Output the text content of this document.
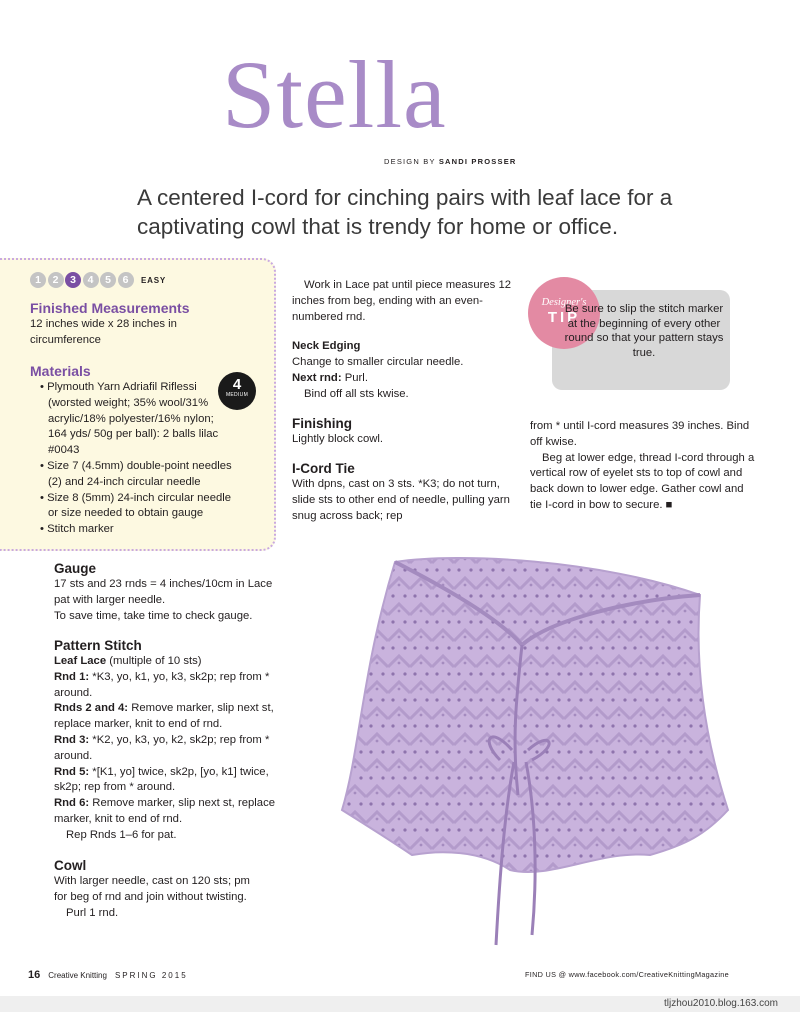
Stella
DESIGN BY SANDI PROSSER
A centered I-cord for cinching pairs with leaf lace for a captivating cowl that is trendy for home or office.
1	2	3	4	5	6	EASY
Finished Measurements
12 inches wide x 28 inches in circumference
Materials
• Plymouth Yarn Adriafil Riflessi (worsted weight; 35% wool/31% acrylic/18% polyester/16% nylon; 164 yds/ 50g per ball): 2 balls lilac #0043
• Size 7 (4.5mm) double-point needles (2) and 24-inch circular needle
• Size 8 (5mm) 24-inch circular needle or size needed to obtain gauge
• Stitch marker
4
MEDIUM
Gauge
17 sts and 23 rnds = 4 inches/10cm in Lace pat with larger needle.
To save time, take time to check gauge.
Pattern Stitch
Leaf Lace (multiple of 10 sts)
Rnd 1: *K3, yo, k1, yo, k3, sk2p; rep from * around.
Rnds 2 and 4: Remove marker, slip next st, replace marker, knit to end of rnd.
Rnd 3: *K2, yo, k3, yo, k2, sk2p; rep from * around.
Rnd 5: *[K1, yo] twice, sk2p, [yo, k1] twice, sk2p; rep from * around.
Rnd 6: Remove marker, slip next st, replace marker, knit to end of rnd.
Rep Rnds 1–6 for pat.
Cowl
With larger needle, cast on 120 sts; pm for beg of rnd and join without twisting.
Purl 1 rnd.
Work in Lace pat until piece measures 12 inches from beg, ending with an even-numbered rnd.
Neck Edging
Change to smaller circular needle.
Next rnd: Purl.
Bind off all sts kwise.
Finishing
Lightly block cowl.
I-Cord Tie
With dpns, cast on 3 sts. *K3; do not turn, slide sts to other end of needle, pulling yarn snug across back; rep
from * until I-cord measures 39 inches. Bind off kwise.
Beg at lower edge, thread I-cord through a vertical row of eyelet sts to top of cowl and back down to lower edge. Gather cowl and tie I-cord in bow to secure. ■
Designer's
TIP
Be sure to slip the stitch marker at the beginning of every other round so that your pattern stays true.
16 Creative Knitting SPRING 2015	FIND US @ www.facebook.com/CreativeKnittingMagazine
tljzhou2010.blog.163.com
